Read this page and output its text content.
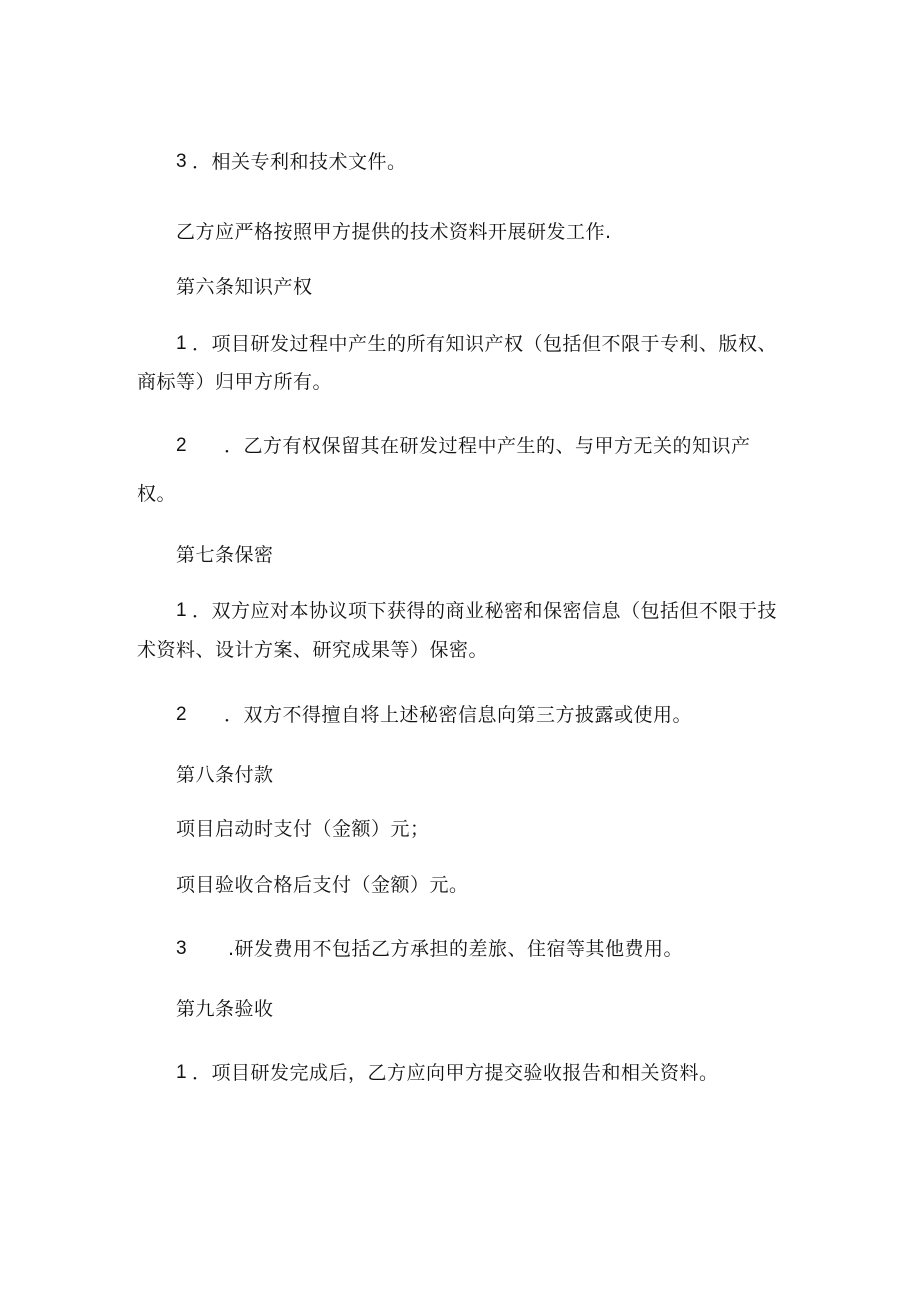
3 ．相关专利和技术文件。
乙方应严格按照甲方提供的技术资料开展研发工作.
第六条知识产权
1 ．项目研发过程中产生的所有知识产权（包括但不限于专利、版权、
商标等）归甲方所有。
2 ．乙方有权保留其在研发过程中产生的、与甲方无关的知识产
权。
第七条保密
1 ．双方应对本协议项下获得的商业秘密和保密信息（包括但不限于技
术资料、设计方案、研究成果等）保密。
2 ．双方不得擅自将上述秘密信息向第三方披露或使用。
第八条付款
项目启动时支付（金额）元；
项目验收合格后支付（金额）元。
3 .研发费用不包括乙方承担的差旅、住宿等其他费用。
第九条验收
1 ．项目研发完成后，乙方应向甲方提交验收报告和相关资料。
